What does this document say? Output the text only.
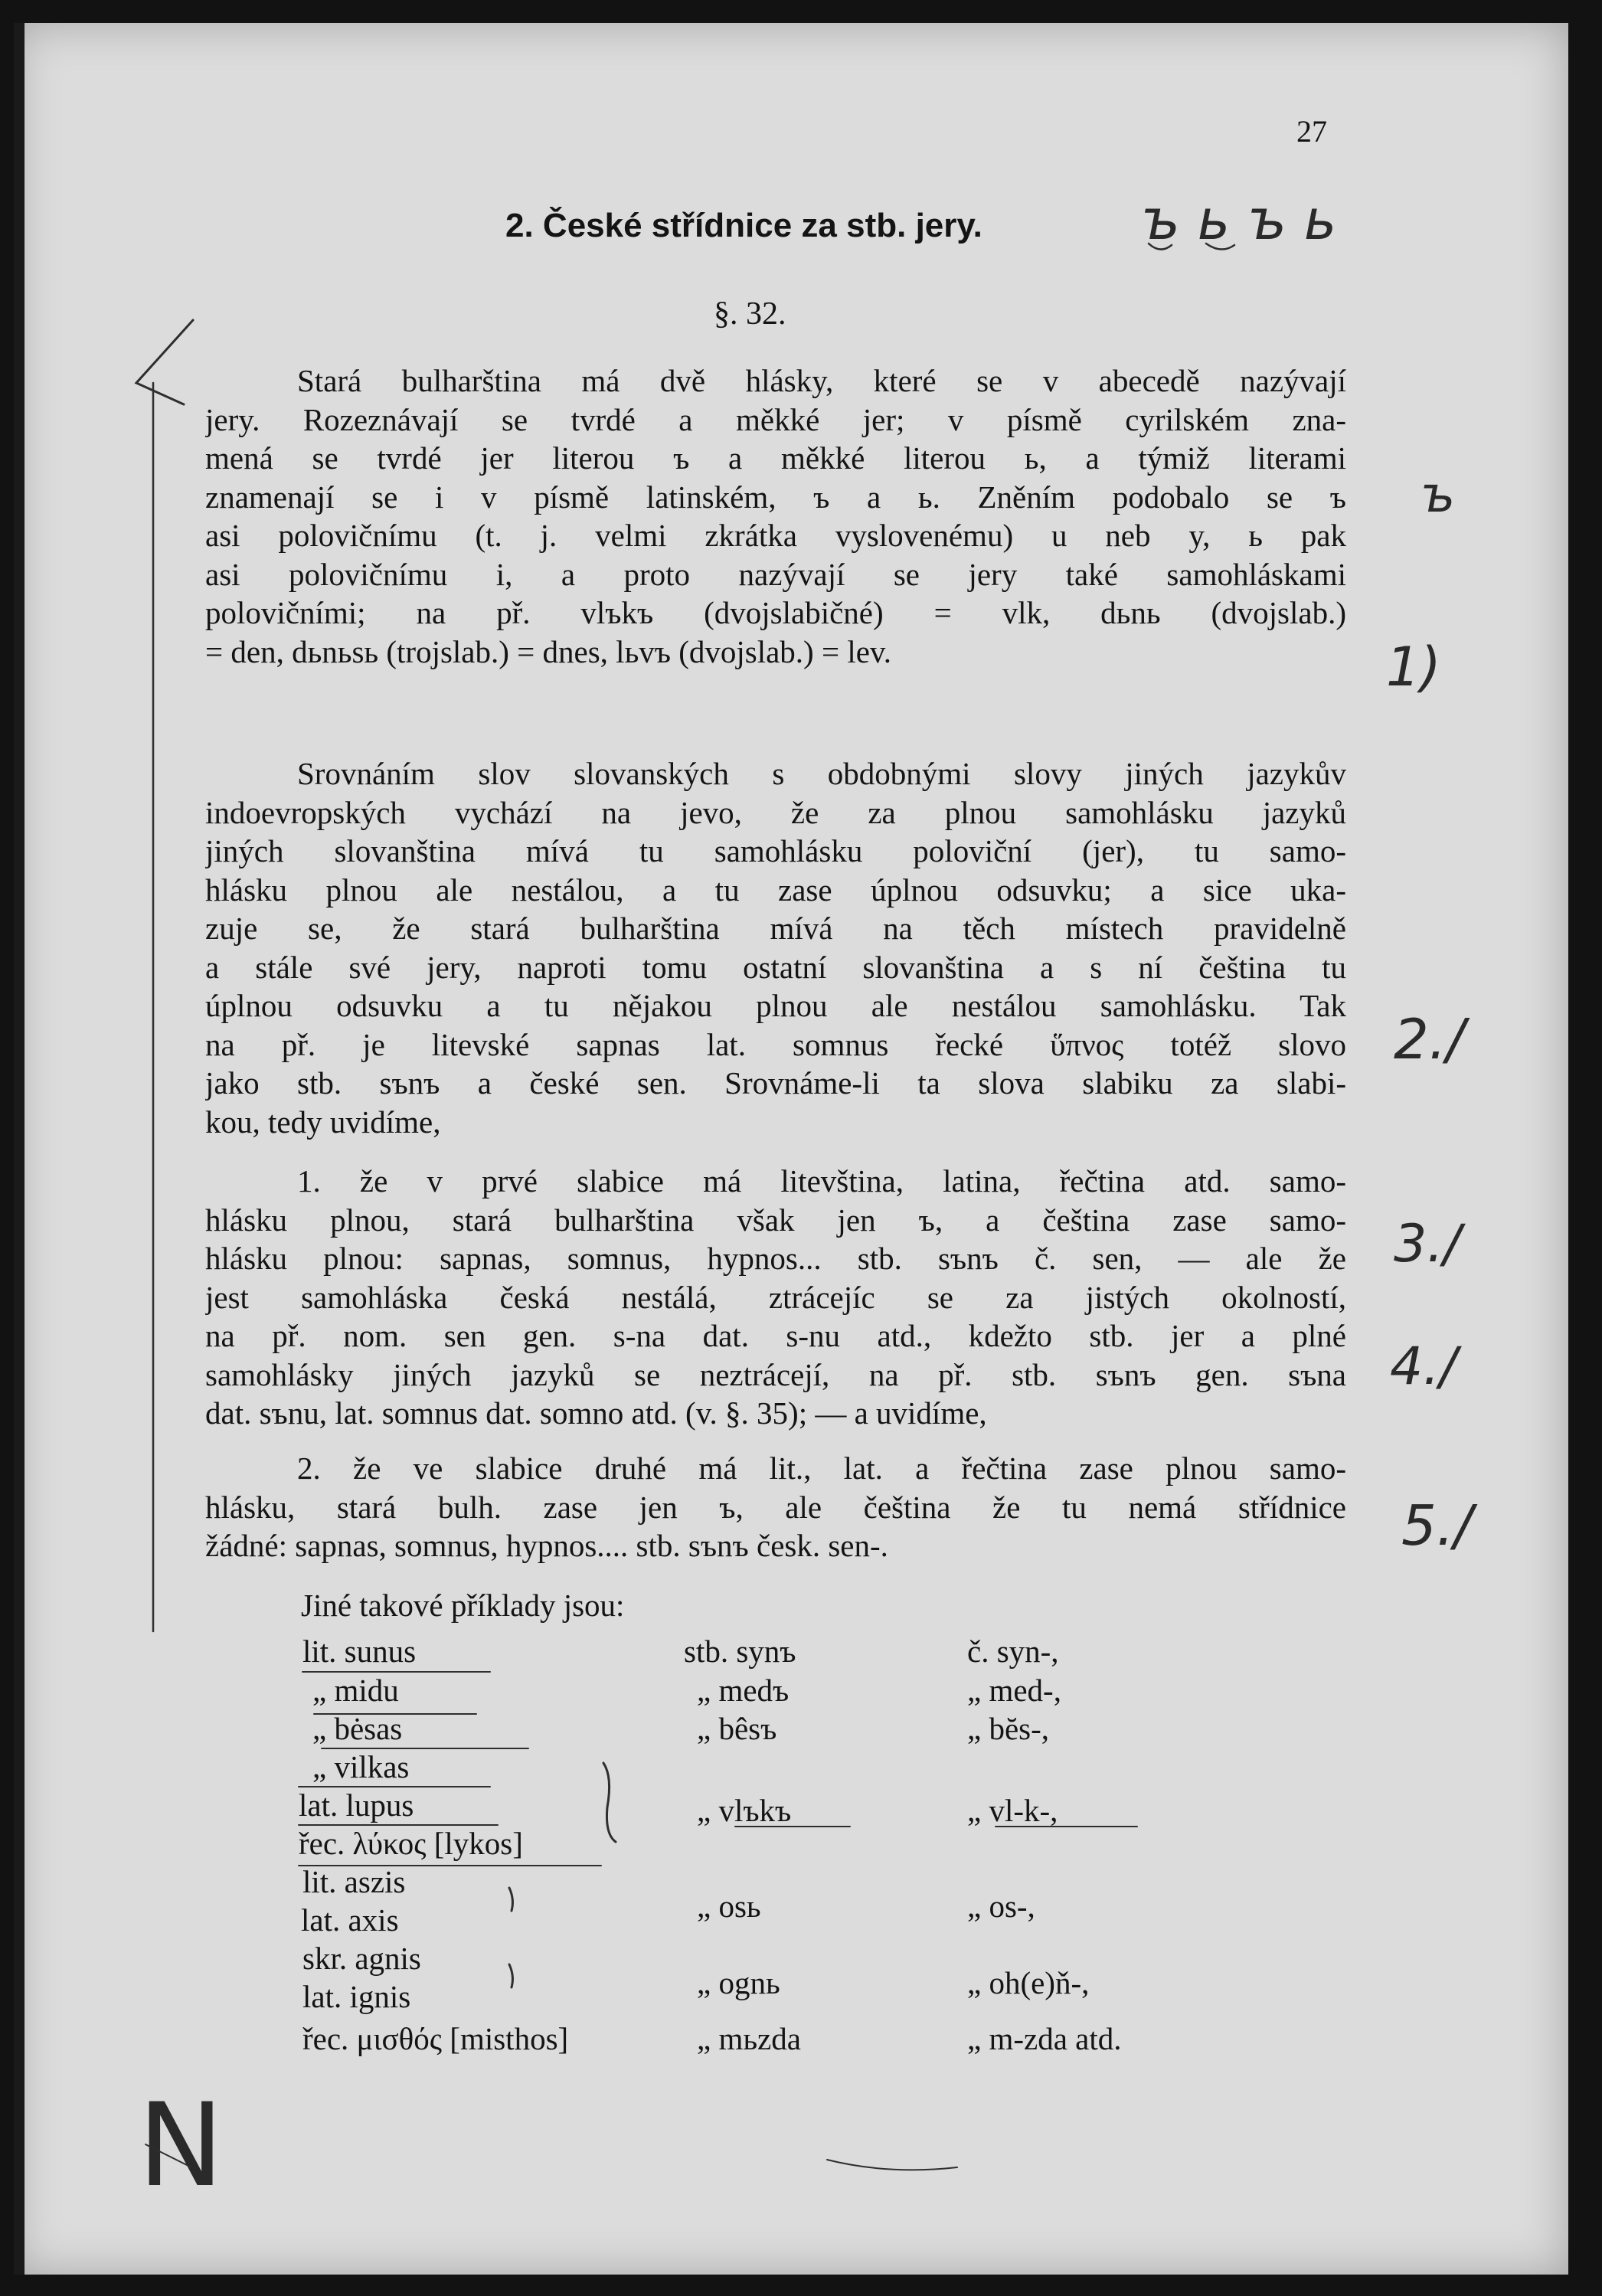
27
2. České střídnice za stb. jery.
§. 32.
Stará bulharština má dvě hlásky, které se v abecedě nazývají
jery. Rozeznávají se tvrdé a měkké jer; v písmě cyrilském zna-
mená se tvrdé jer literou ъ a měkké literou ь, a týmiž literami
znamenají se i v písmě latinském, ъ a ь. Zněním podobalo se ъ
asi polovičnímu (t. j. velmi zkrátka vyslovenému) u neb y, ь pak
asi polovičnímu i, a proto nazývají se jery také samohláskami
polovičními; na př. vlъkъ (dvojslabičné) = vlk, dьnь (dvojslab.)
= den, dьnьsь (trojslab.) = dnes, lьvъ (dvojslab.) = lev.
Srovnáním slov slovanských s obdobnými slovy jiných jazykův
indoevropských vychází na jevo, že za plnou samohlásku jazyků
jiných slovanština mívá tu samohlásku poloviční (jer), tu samo-
hlásku plnou ale nestálou, a tu zase úplnou odsuvku; a sice uka-
zuje se, že stará bulharština mívá na těch místech pravidelně
a stále své jery, naproti tomu ostatní slovanština a s ní čeština tu
úplnou odsuvku a tu nějakou plnou ale nestálou samohlásku. Tak
na př. je litevské sapnas lat. somnus řecké ὕπνος totéž slovo
jako stb. sъnъ a české sen. Srovnáme-li ta slova slabiku za slabi-
kou, tedy uvidíme,
1. že v prvé slabice má litevština, latina, řečtina atd. samo-
hlásku plnou, stará bulharština však jen ъ, a čeština zase samo-
hlásku plnou: sapnas, somnus, hypnos... stb. sъnъ č. sen, — ale že
jest samohláska česká nestálá, ztrácejíc se za jistých okolností,
na př. nom. sen gen. s-na dat. s-nu atd., kdežto stb. jer a plné
samohlásky jiných jazyků se neztrácejí, na př. stb. sъnъ gen. sъna
dat. sъnu, lat. somnus dat. somno atd. (v. §. 35); — a uvidíme,
2. že ve slabice druhé má lit., lat. a řečtina zase plnou samo-
hlásku, stará bulh. zase jen ъ, ale čeština že tu nemá střídnice
žádné: sapnas, somnus, hypnos.... stb. sъnъ česk. sen-.
Jiné takové příklady jsou:
lit. sunus
„ midu
„ bėsas
„ vilkas
lat. lupus
řec. λύκος [lykos]
lit. aszis
lat. axis
skr. agnis
lat. ignis
řec. μισθός [misthos]
stb. synъ
„ medъ
„ bêsъ
„ vlъkъ
„ osь
„ ognь
„ mьzda
č. syn-,
„ med-,
„ bĕs-,
„ vl-k-,
„ os-,
„ oh(e)ň-,
„ m-zda atd.
ъ ь ъ ь
ъ
1)
2./
3./
4./
5./
N
